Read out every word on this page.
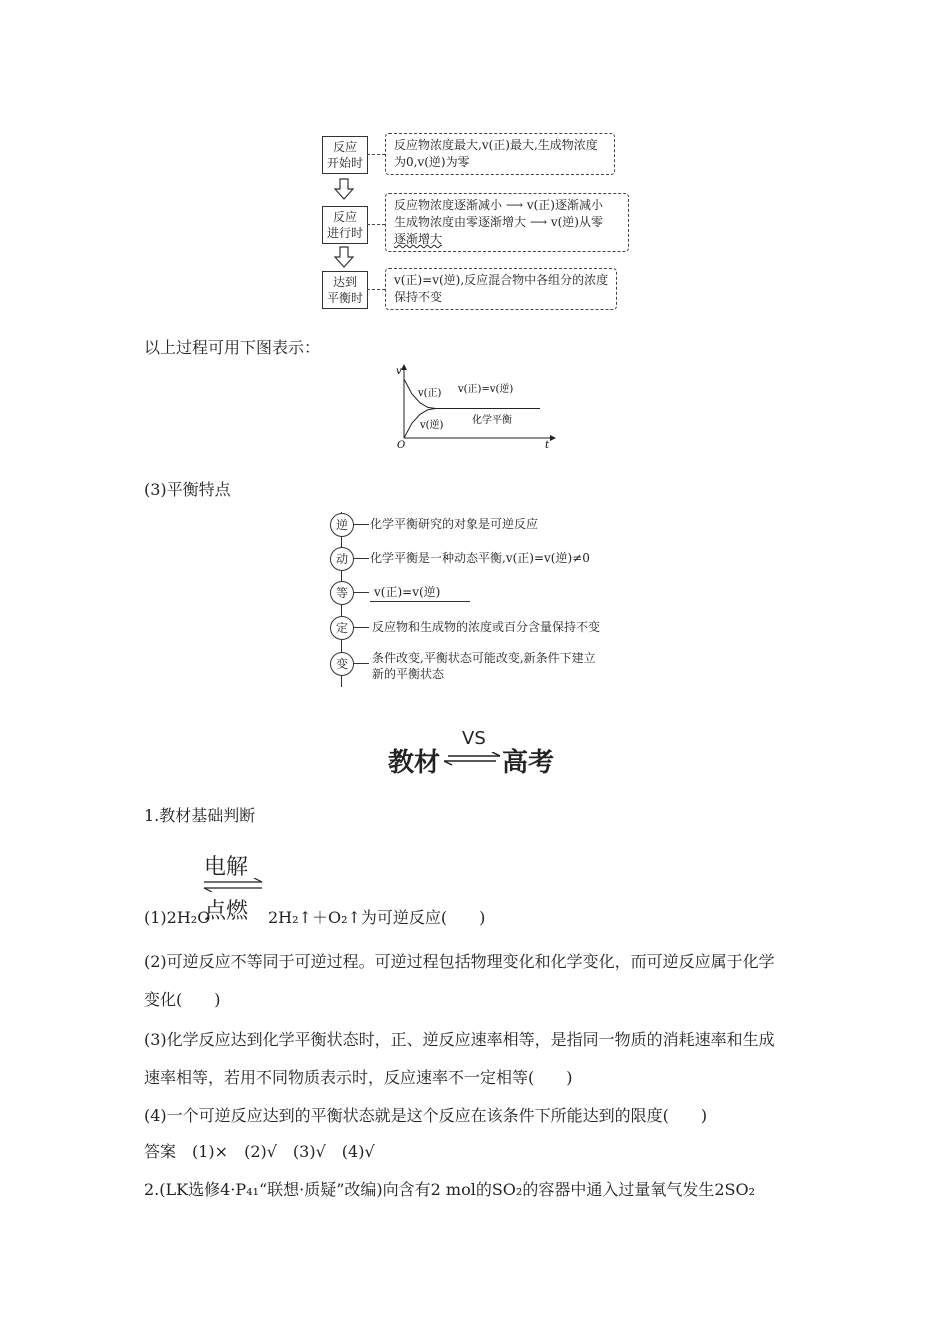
反应
开始时
反应物浓度最大,v(正)最大,生成物浓度
为0,v(逆)为零
反应
进行时
反应物浓度逐渐减小 ⟶ v(正)逐渐减小
生成物浓度由零逐渐增大 ⟶ v(逆)从零
逐渐增大
达到
平衡时
v(正)=v(逆),反应混合物中各组分的浓度
保持不变
以上过程可用下图表示：
v
t
O
v(正)
v(逆)
v(正)=v(逆)
化学平衡
(3)平衡特点
逆	化学平衡研究的对象是可逆反应
动	化学平衡是一种动态平衡,v(正)=v(逆)≠0
等	v(正)=v(逆)
定	反应物和生成物的浓度或百分含量保持不变
变	条件改变,平衡状态可能改变,新条件下建立
新的平衡状态
教材
VS
高考
1.教材基础判断
电解
点燃
(1)2H₂O	2H₂↑＋O₂↑为可逆反应(　　)
(2)可逆反应不等同于可逆过程。可逆过程包括物理变化和化学变化，而可逆反应属于化学
变化(　　)
(3)化学反应达到化学平衡状态时，正、逆反应速率相等，是指同一物质的消耗速率和生成
速率相等，若用不同物质表示时，反应速率不一定相等(　　)
(4)一个可逆反应达到的平衡状态就是这个反应在该条件下所能达到的限度(　　)
答案　(1)×　(2)√　(3)√　(4)√
2.(LK选修4·P₄₁“联想·质疑”改编)向含有2 mol的SO₂的容器中通入过量氧气发生2SO₂
